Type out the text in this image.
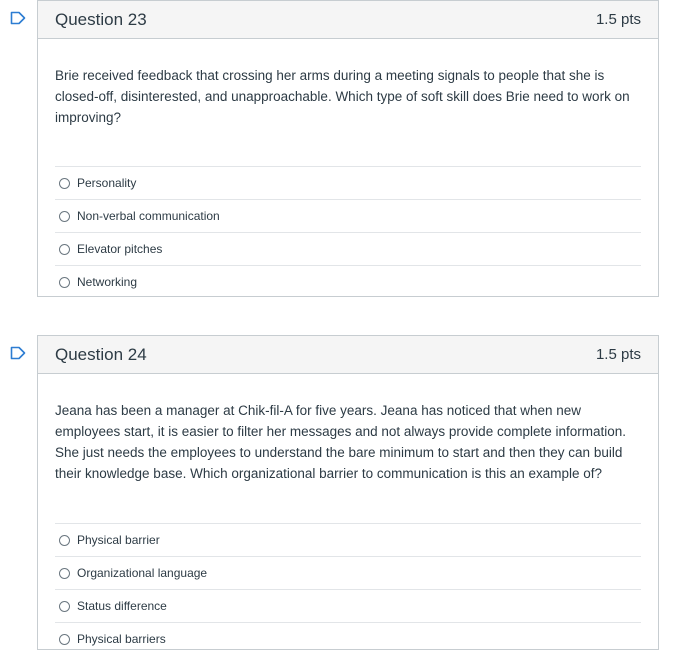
Question 23	1.5 pts
Brie received feedback that crossing her arms during a meeting signals to people that she is closed-off, disinterested, and unapproachable. Which type of soft skill does Brie need to work on improving?
Personality
Non-verbal communication
Elevator pitches
Networking
Question 24	1.5 pts
Jeana has been a manager at Chik-fil-A for five years. Jeana has noticed that when new employees start, it is easier to filter her messages and not always provide complete information. She just needs the employees to understand the bare minimum to start and then they can build their knowledge base. Which organizational barrier to communication is this an example of?
Physical barrier
Organizational language
Status difference
Physical barriers
